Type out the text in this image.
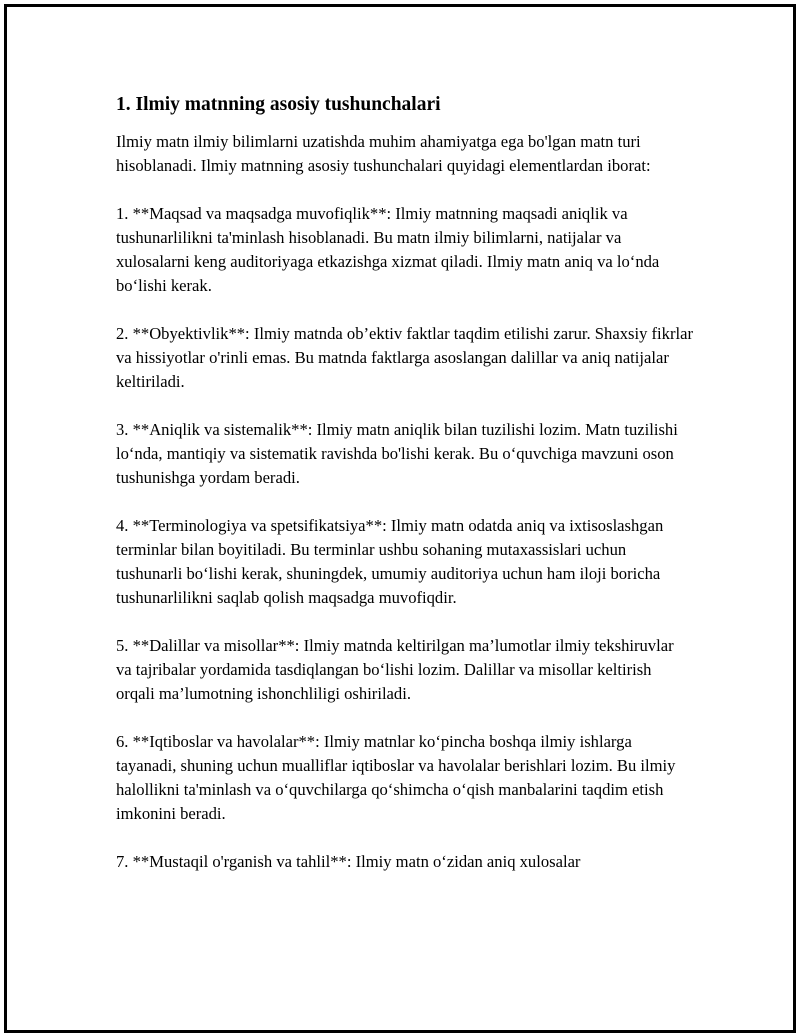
1. Ilmiy matnning asosiy tushunchalari

Ilmiy matn ilmiy bilimlarni uzatishda muhim ahamiyatga ega bo'lgan matn turi hisoblanadi. Ilmiy matnning asosiy tushunchalari quyidagi elementlardan iborat:

1. **Maqsad va maqsadga muvofiqlik**: Ilmiy matnning maqsadi aniqlik va tushunarlilikni ta'minlash hisoblanadi. Bu matn ilmiy bilimlarni, natijalar va xulosalarni keng auditoriyaga etkazishga xizmat qiladi. Ilmiy matn aniq va lo‘nda bo‘lishi kerak.

2. **Obyektivlik**: Ilmiy matnda ob’ektiv faktlar taqdim etilishi zarur. Shaxsiy fikrlar va hissiyotlar o'rinli emas. Bu matnda faktlarga asoslangan dalillar va aniq natijalar keltiriladi.

3. **Aniqlik va sistemalik**: Ilmiy matn aniqlik bilan tuzilishi lozim. Matn tuzilishi lo‘nda, mantiqiy va sistematik ravishda bo'lishi kerak. Bu o‘quvchiga mavzuni oson tushunishga yordam beradi.

4. **Terminologiya va spetsifikatsiya**: Ilmiy matn odatda aniq va ixtisoslashgan terminlar bilan boyitiladi. Bu terminlar ushbu sohaning mutaxassislari uchun tushunarli bo‘lishi kerak, shuningdek, umumiy auditoriya uchun ham iloji boricha tushunarlilikni saqlab qolish maqsadga muvofiqdir.

5. **Dalillar va misollar**: Ilmiy matnda keltirilgan ma’lumotlar ilmiy tekshiruvlar va tajribalar yordamida tasdiqlangan bo‘lishi lozim. Dalillar va misollar keltirish orqali ma’lumotning ishonchliligi oshiriladi.

6. **Iqtiboslar va havolalar**: Ilmiy matnlar ko‘pincha boshqa ilmiy ishlarga tayanadi, shuning uchun mualliflar iqtiboslar va havolalar berishlari lozim. Bu ilmiy halollikni ta'minlash va o‘quvchilarga qo‘shimcha o‘qish manbalarini taqdim etish imkonini beradi.

7. **Mustaqil o'rganish va tahlil**: Ilmiy matn o‘zidan aniq xulosalar
